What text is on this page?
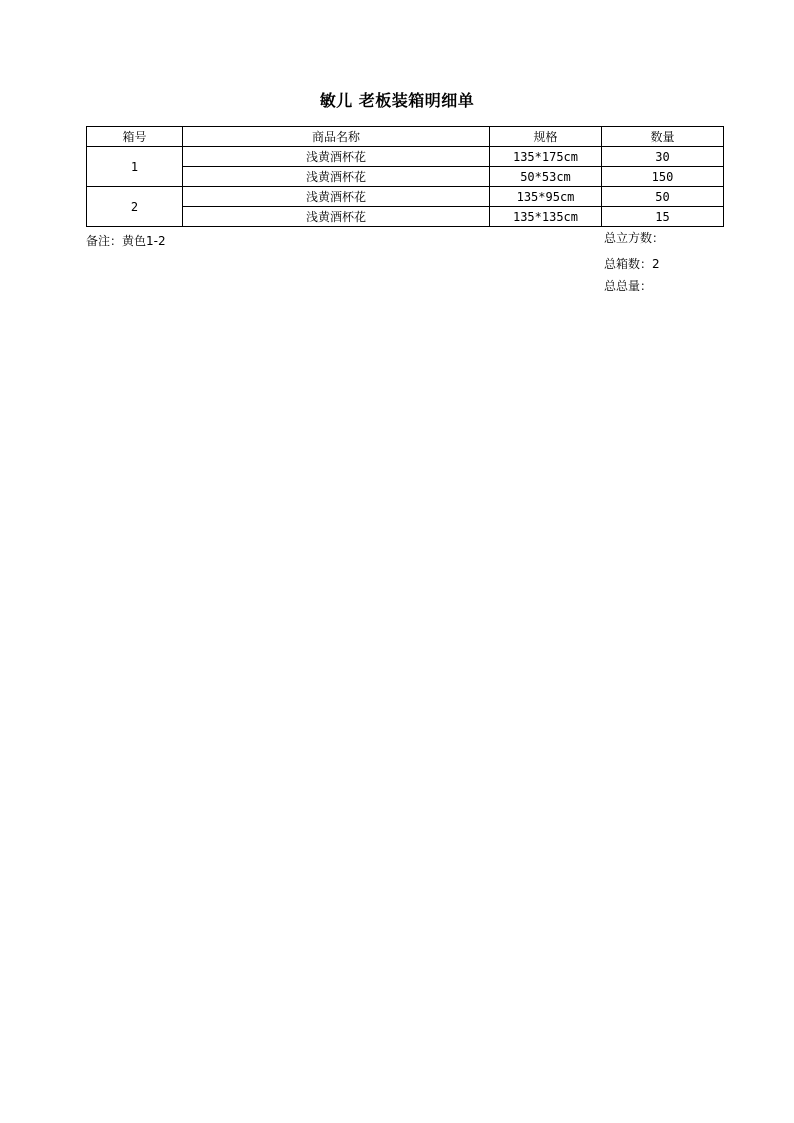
敏儿 老板装箱明细单
箱号	商品名称	规格	数量
1	浅黄酒杯花	135*175cm	30
	浅黄酒杯花	50*53cm	150
2	浅黄酒杯花	135*95cm	50
	浅黄酒杯花	135*135cm	15
备注：黄色1-2	总立方数：
总箱数：2
总总量：
